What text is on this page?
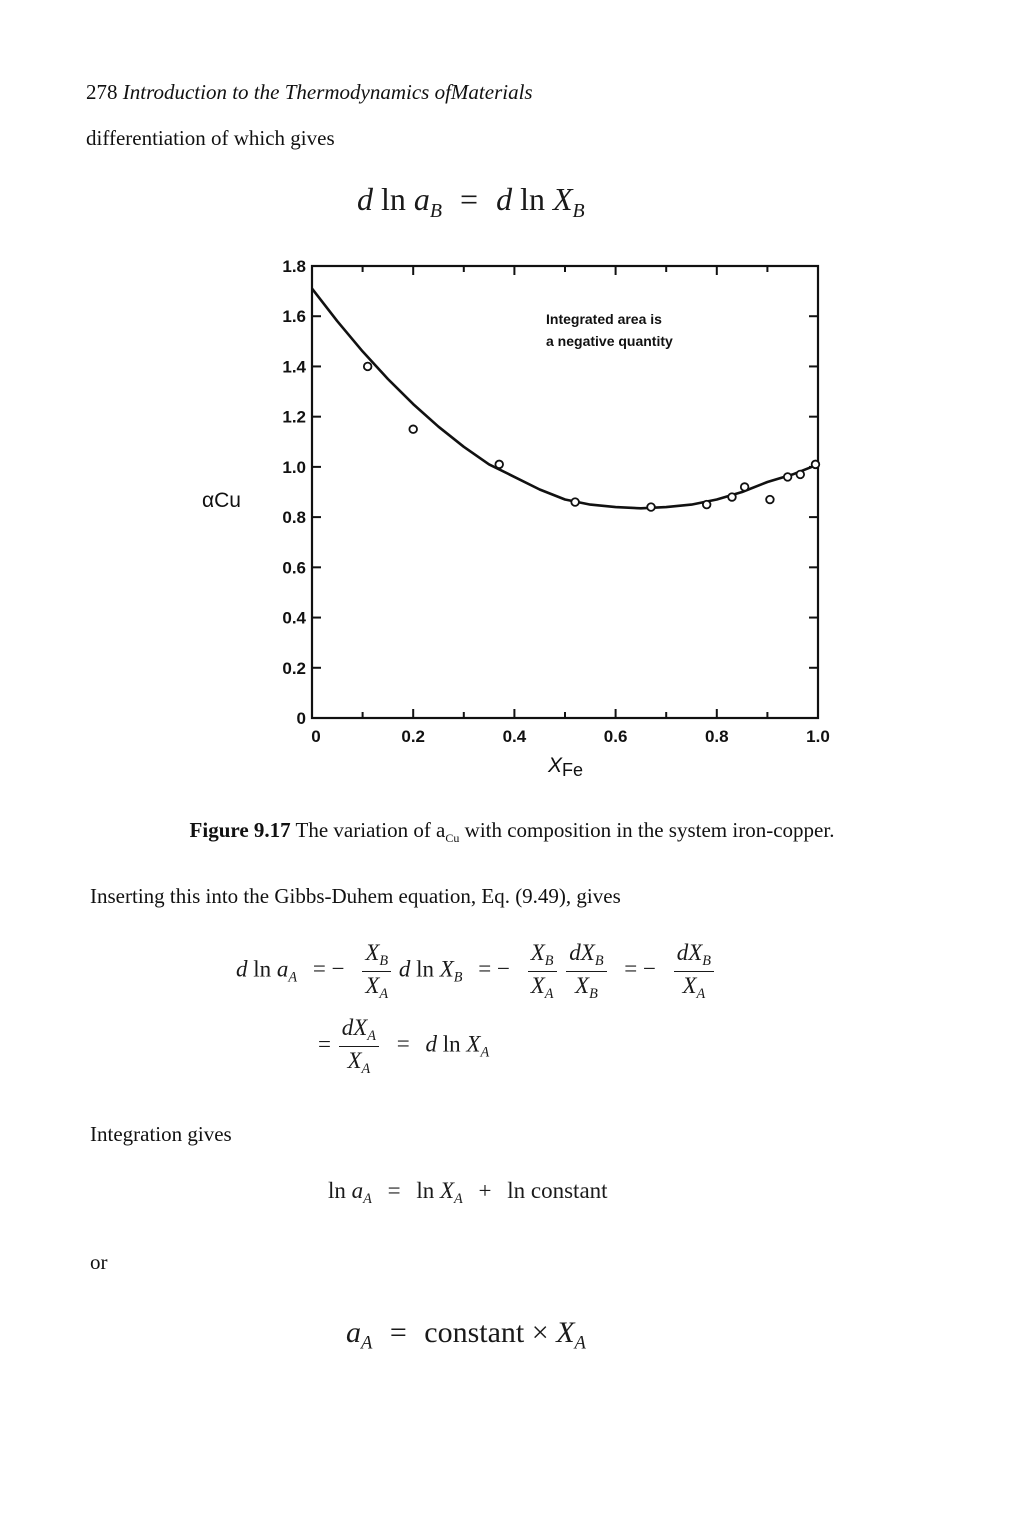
278 Introduction to the Thermodynamics ofMaterials
differentiation of which gives
d $\ln a_B = d$ $\ln X_B$
0	0.2	0.4	0.6	0.8	1.0
0
0.2
0.4
0.6
0.8
1.0
1.2
1.4
1.6
1.8
αCu
XFe
Integrated area is
a negative quantity
Figure 9.17 The variation of $a_{Cu}$ with composition in the system iron-copper.
Inserting this into the Gibbs-Duhem equation, Eq. (9.49), gives
d $\ln a_A$ = − $\frac{X_B}{X_A}$ d $\ln X_B$ = − $\frac{X_B}{X_A}$
$\frac{dX_B}{X_B}$ = − $\frac{dX_B}{X_A}$
= $\frac{dX_A}{X_A} = d$ $\ln X_A$
Integration gives
$\ln a_A = \ln X_A + \ln$ constant
or
$a_A$ = constant × $X_A$
